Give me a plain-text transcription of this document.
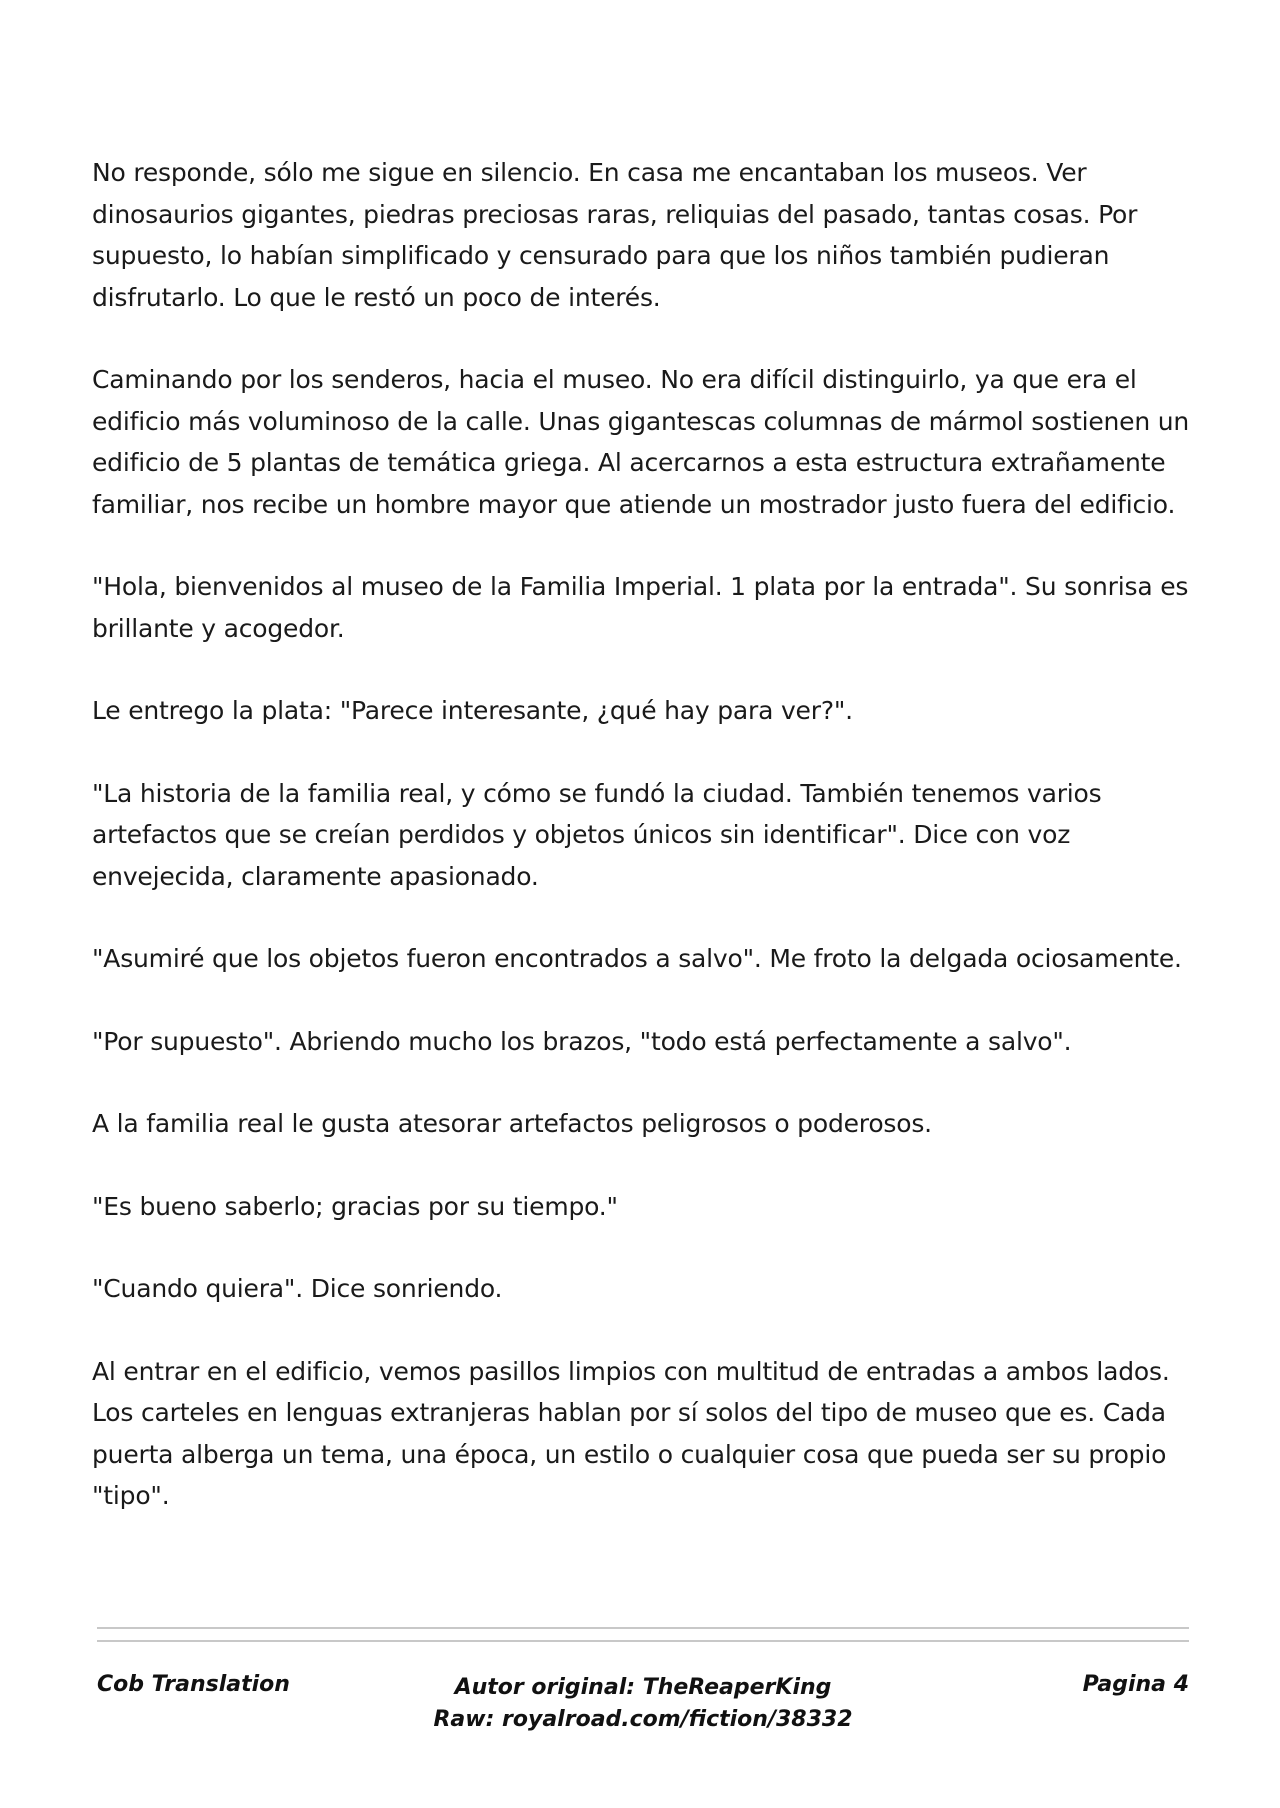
No responde, sólo me sigue en silencio. En casa me encantaban los museos. Ver dinosaurios gigantes, piedras preciosas raras, reliquias del pasado, tantas cosas. Por supuesto, lo habían simplificado y censurado para que los niños también pudieran disfrutarlo. Lo que le restó un poco de interés.

Caminando por los senderos, hacia el museo. No era difícil distinguirlo, ya que era el edificio más voluminoso de la calle. Unas gigantescas columnas de mármol sostienen un edificio de 5 plantas de temática griega. Al acercarnos a esta estructura extrañamente familiar, nos recibe un hombre mayor que atiende un mostrador justo fuera del edificio.

"Hola, bienvenidos al museo de la Familia Imperial. 1 plata por la entrada". Su sonrisa es brillante y acogedor.

Le entrego la plata: "Parece interesante, ¿qué hay para ver?".

"La historia de la familia real, y cómo se fundó la ciudad. También tenemos varios artefactos que se creían perdidos y objetos únicos sin identificar". Dice con voz envejecida, claramente apasionado.

"Asumiré que los objetos fueron encontrados a salvo". Me froto la delgada ociosamente.

"Por supuesto". Abriendo mucho los brazos, "todo está perfectamente a salvo".

A la familia real le gusta atesorar artefactos peligrosos o poderosos.

"Es bueno saberlo; gracias por su tiempo."

"Cuando quiera". Dice sonriendo.

Al entrar en el edificio, vemos pasillos limpios con multitud de entradas a ambos lados. Los carteles en lenguas extranjeras hablan por sí solos del tipo de museo que es. Cada puerta alberga un tema, una época, un estilo o cualquier cosa que pueda ser su propio "tipo".

Cob Translation	Autor original: TheReaperKing
Raw: royalroad.com/fiction/38332
Pagina 4
